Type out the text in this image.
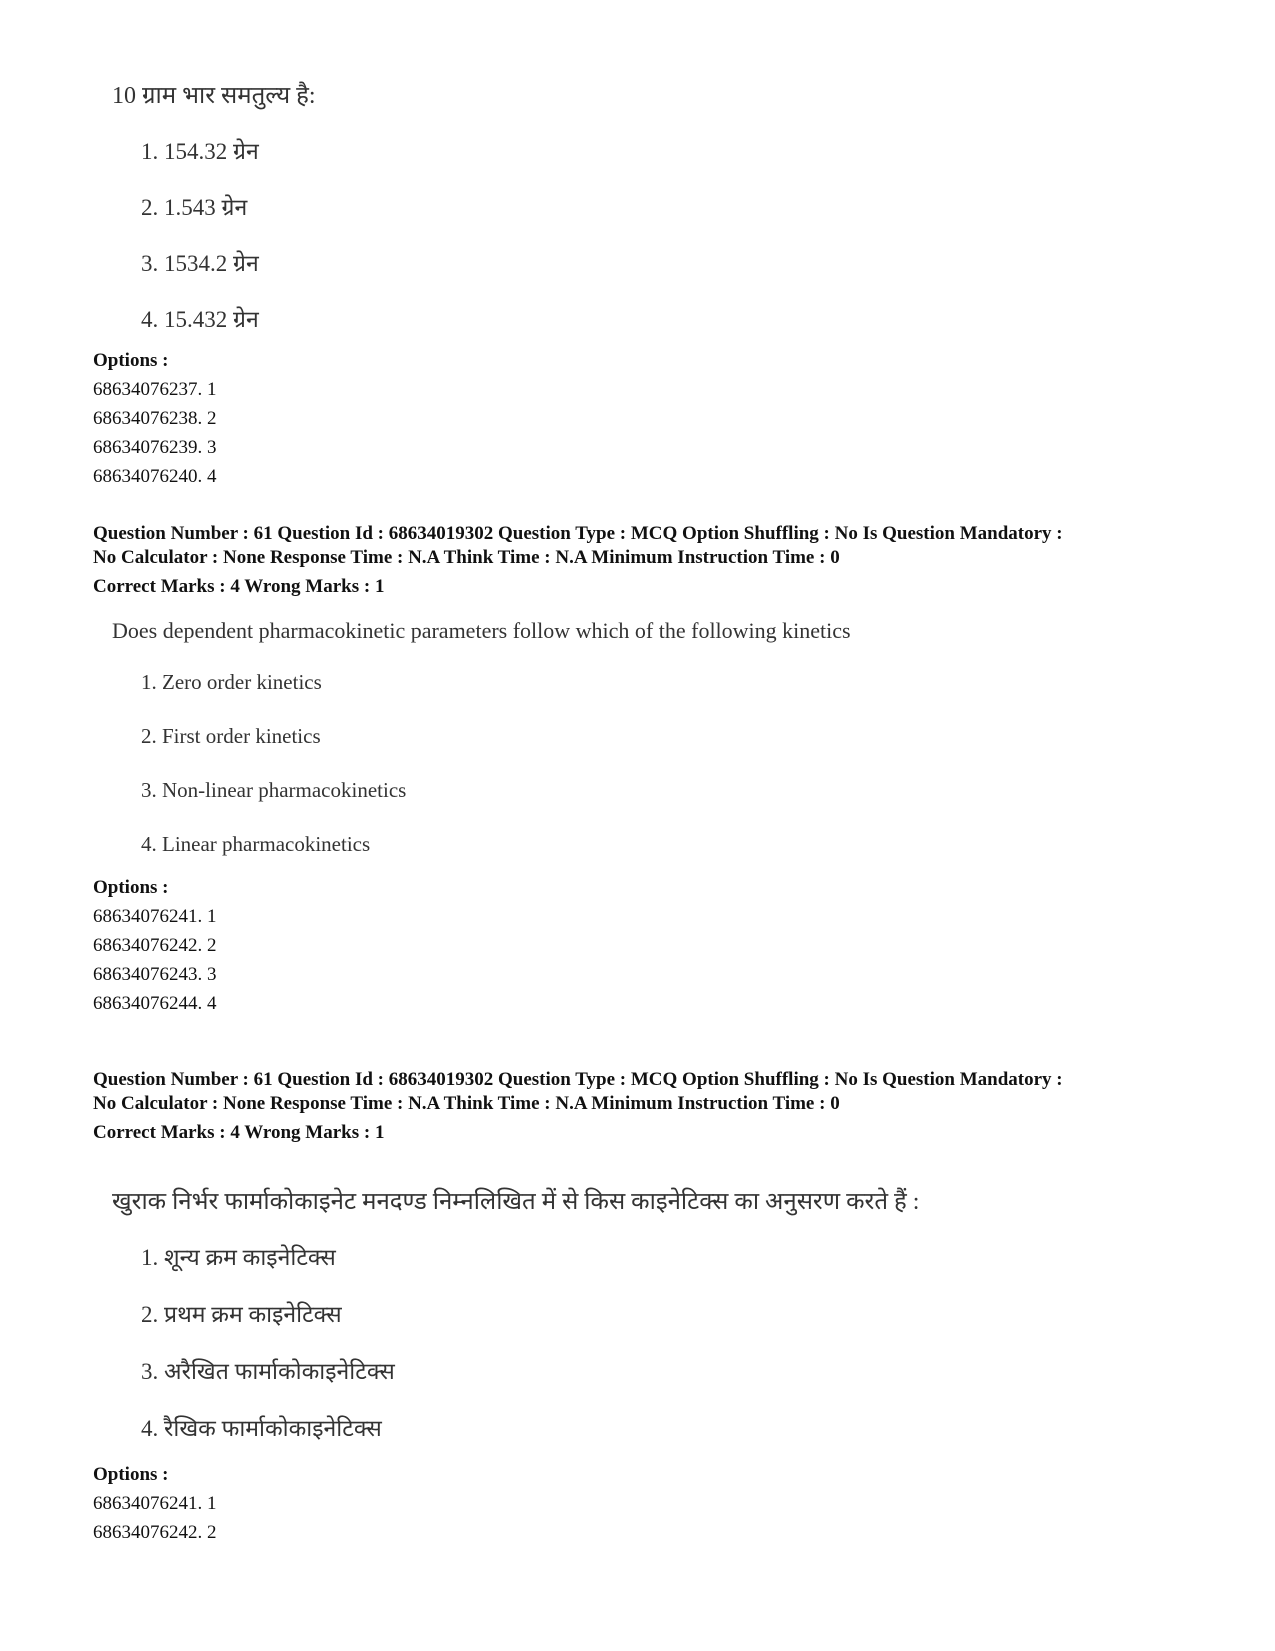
10 ग्राम भार समतुल्य है:
1. 154.32 ग्रेन
2. 1.543 ग्रेन
3. 1534.2 ग्रेन
4. 15.432 ग्रेन
Options :
68634076237. 1
68634076238. 2
68634076239. 3
68634076240. 4
Question Number : 61 Question Id : 68634019302 Question Type : MCQ Option Shuffling : No Is Question Mandatory :
No Calculator : None Response Time : N.A Think Time : N.A Minimum Instruction Time : 0
Correct Marks : 4 Wrong Marks : 1
Does dependent pharmacokinetic parameters follow which of the following kinetics
1. Zero order kinetics
2. First order kinetics
3. Non-linear pharmacokinetics
4. Linear pharmacokinetics
Options :
68634076241. 1
68634076242. 2
68634076243. 3
68634076244. 4
Question Number : 61 Question Id : 68634019302 Question Type : MCQ Option Shuffling : No Is Question Mandatory :
No Calculator : None Response Time : N.A Think Time : N.A Minimum Instruction Time : 0
Correct Marks : 4 Wrong Marks : 1
खुराक निर्भर फार्माकोकाइनेट मनदण्ड निम्नलिखित में से किस काइनेटिक्स का अनुसरण करते हैं :
1. शून्य क्रम काइनेटिक्स
2. प्रथम क्रम काइनेटिक्स
3. अरैखित फार्माकोकाइनेटिक्स
4. रैखिक फार्माकोकाइनेटिक्स
Options :
68634076241. 1
68634076242. 2
